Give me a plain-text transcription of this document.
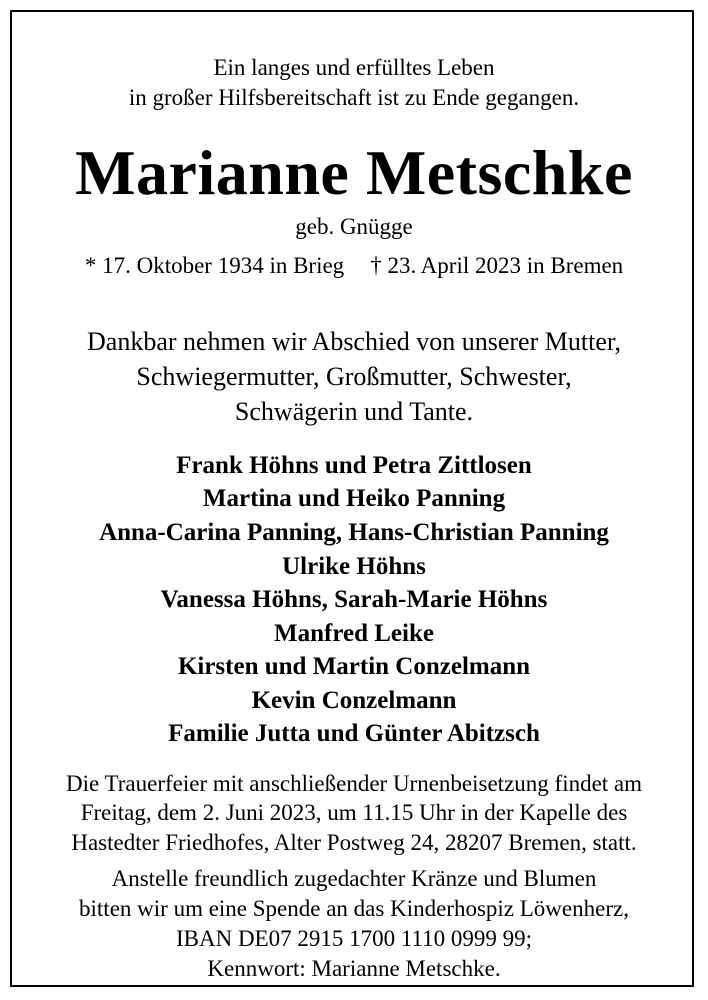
Ein langes und erfülltes Leben
in großer Hilfsbereitschaft ist zu Ende gegangen.
Marianne Metschke
geb. Gnügge
* 17. Oktober 1934 in Brieg † 23. April 2023 in Bremen
Dankbar nehmen wir Abschied von unserer Mutter,
Schwiegermutter, Großmutter, Schwester,
Schwägerin und Tante.
Frank Höhns und Petra Zittlosen
Martina und Heiko Panning
Anna-Carina Panning, Hans-Christian Panning
Ulrike Höhns
Vanessa Höhns, Sarah-Marie Höhns
Manfred Leike
Kirsten und Martin Conzelmann
Kevin Conzelmann
Familie Jutta und Günter Abitzsch
Die Trauerfeier mit anschließender Urnenbeisetzung findet am
Freitag, dem 2. Juni 2023, um 11.15 Uhr in der Kapelle des
Hastedter Friedhofes, Alter Postweg 24, 28207 Bremen, statt.
Anstelle freundlich zugedachter Kränze und Blumen
bitten wir um eine Spende an das Kinderhospiz Löwenherz,
IBAN DE07 2915 1700 1110 0999 99;
Kennwort: Marianne Metschke.
